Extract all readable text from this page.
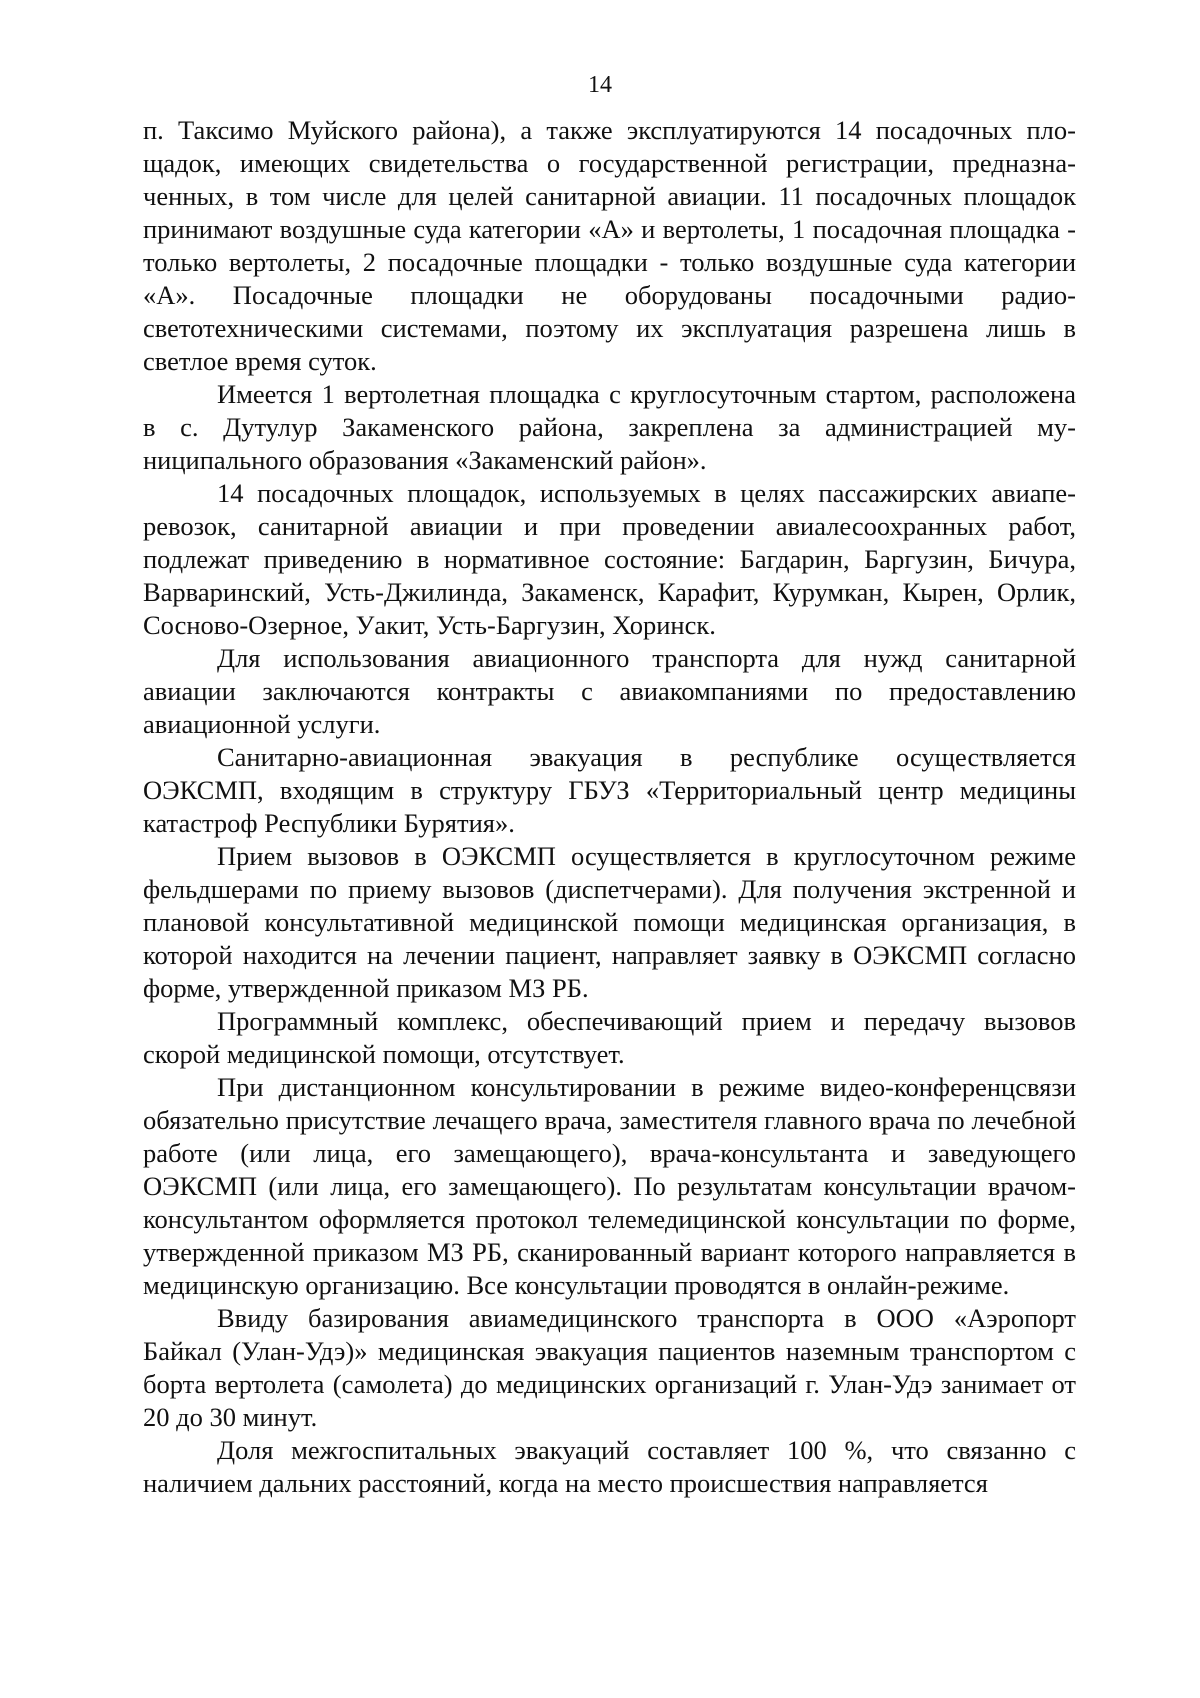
14

п. Таксимо Муйского района), а также эксплуатируются 14 посадочных площадок, имеющих свидетельства о государственной регистрации, предназначенных, в том числе для целей санитарной авиации. 11 посадочных площадок принимают воздушные суда категории «А» и вертолеты, 1 посадочная площадка - только вертолеты, 2 посадочные площадки - только воздушные суда категории «А». Посадочные площадки не оборудованы посадочными радиосветотехническими системами, поэтому их эксплуатация разрешена лишь в светлое время суток.

Имеется 1 вертолетная площадка с круглосуточным стартом, расположена в с. Дутулур Закаменского района, закреплена за администрацией муниципального образования «Закаменский район».

14 посадочных площадок, используемых в целях пассажирских авиаперевозок, санитарной авиации и при проведении авиалесоохранных работ, подлежат приведению в нормативное состояние: Багдарин, Баргузин, Бичура, Варваринский, Усть-Джилинда, Закаменск, Карафит, Курумкан, Кырен, Орлик, Сосново-Озерное, Уакит, Усть-Баргузин, Хоринск.

Для использования авиационного транспорта для нужд санитарной авиации заключаются контракты с авиакомпаниями по предоставлению авиационной услуги.

Санитарно-авиационная эвакуация в республике осуществляется ОЭКСМП, входящим в структуру ГБУЗ «Территориальный центр медицины катастроф Республики Бурятия».

Прием вызовов в ОЭКСМП осуществляется в круглосуточном режиме фельдшерами по приему вызовов (диспетчерами). Для получения экстренной и плановой консультативной медицинской помощи медицинская организация, в которой находится на лечении пациент, направляет заявку в ОЭКСМП согласно форме, утвержденной приказом МЗ РБ.

Программный комплекс, обеспечивающий прием и передачу вызовов скорой медицинской помощи, отсутствует.

При дистанционном консультировании в режиме видео-конференцсвязи обязательно присутствие лечащего врача, заместителя главного врача по лечебной работе (или лица, его замещающего), врача-консультанта и заведующего ОЭКСМП (или лица, его замещающего). По результатам консультации врачом-консультантом оформляется протокол телемедицинской консультации по форме, утвержденной приказом МЗ РБ, сканированный вариант которого направляется в медицинскую организацию. Все консультации проводятся в онлайн-режиме.

Ввиду базирования авиамедицинского транспорта в ООО «Аэропорт Байкал (Улан-Удэ)» медицинская эвакуация пациентов наземным транспортом с борта вертолета (самолета) до медицинских организаций г. Улан-Удэ занимает от 20 до 30 минут.

Доля межгоспитальных эвакуаций составляет 100 %, что связанно с наличием дальних расстояний, когда на место происшествия направляется
